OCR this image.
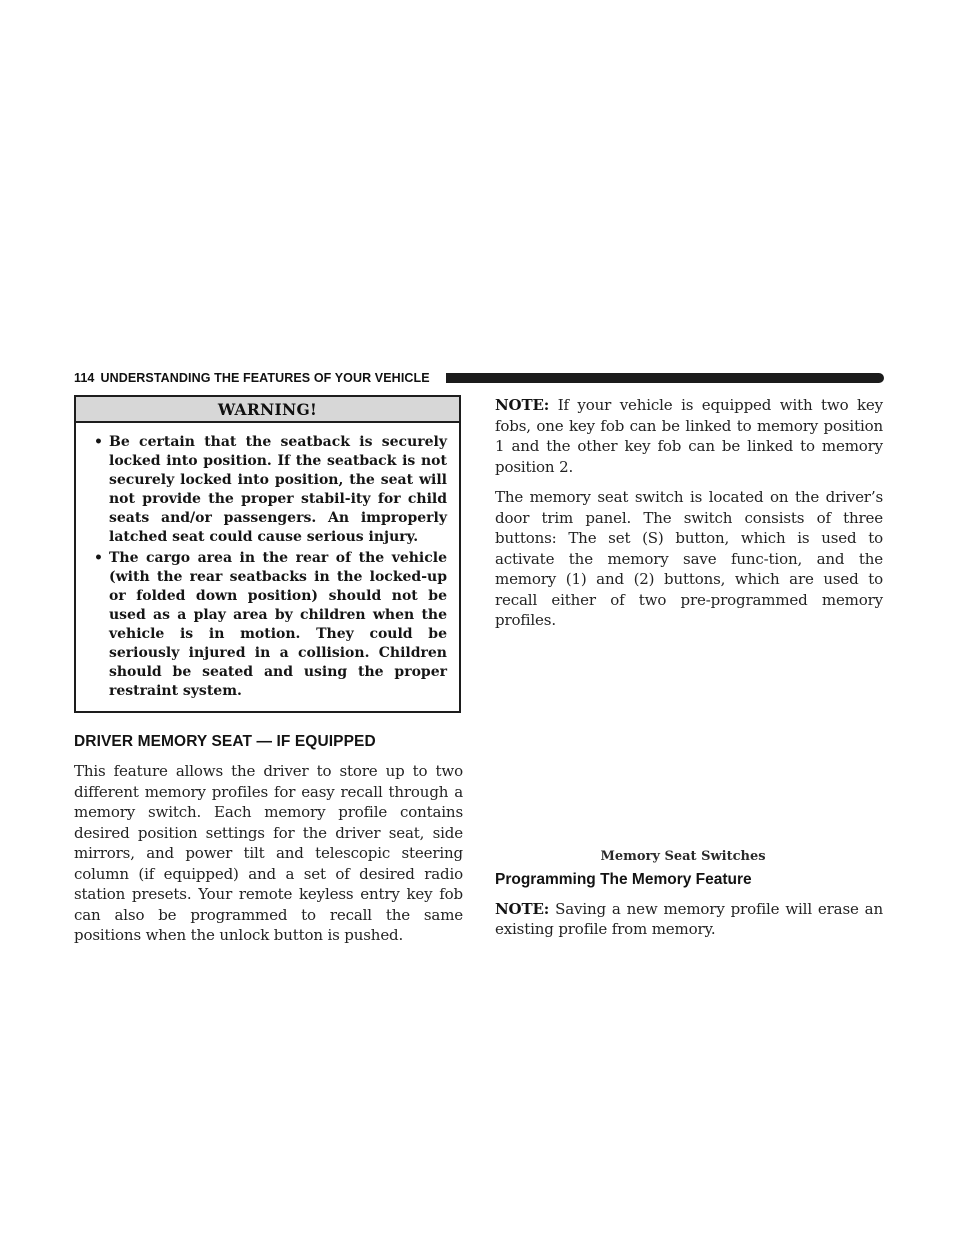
114 UNDERSTANDING THE FEATURES OF YOUR VEHICLE
WARNING!

• Be certain that the seatback is securely locked into position. If the seatback is not securely locked into position, the seat will not provide the proper stabil-ity for child seats and/or passengers. An improperly latched seat could cause serious injury.

• The cargo area in the rear of the vehicle (with the rear seatbacks in the locked-up or folded down position) should not be used as a play area by children when the vehicle is in motion. They could be seriously injured in a collision. Children should be seated and using the proper restraint system.

DRIVER MEMORY SEAT — IF EQUIPPED

This feature allows the driver to store up to two different memory profiles for easy recall through a memory switch. Each memory profile contains desired position settings for the driver seat, side mirrors, and power tilt and telescopic steering column (if equipped) and a set of desired radio station presets. Your remote keyless entry key fob can also be programmed to recall the same positions when the unlock button is pushed.

NOTE: If your vehicle is equipped with two key fobs, one key fob can be linked to memory position 1 and the other key fob can be linked to memory position 2.

The memory seat switch is located on the driver’s door trim panel. The switch consists of three buttons: The set (S) button, which is used to activate the memory save func-tion, and the memory (1) and (2) buttons, which are used to recall either of two pre-programmed memory profiles.

Memory Seat Switches

Programming The Memory Feature

NOTE: Saving a new memory profile will erase an existing profile from memory.
